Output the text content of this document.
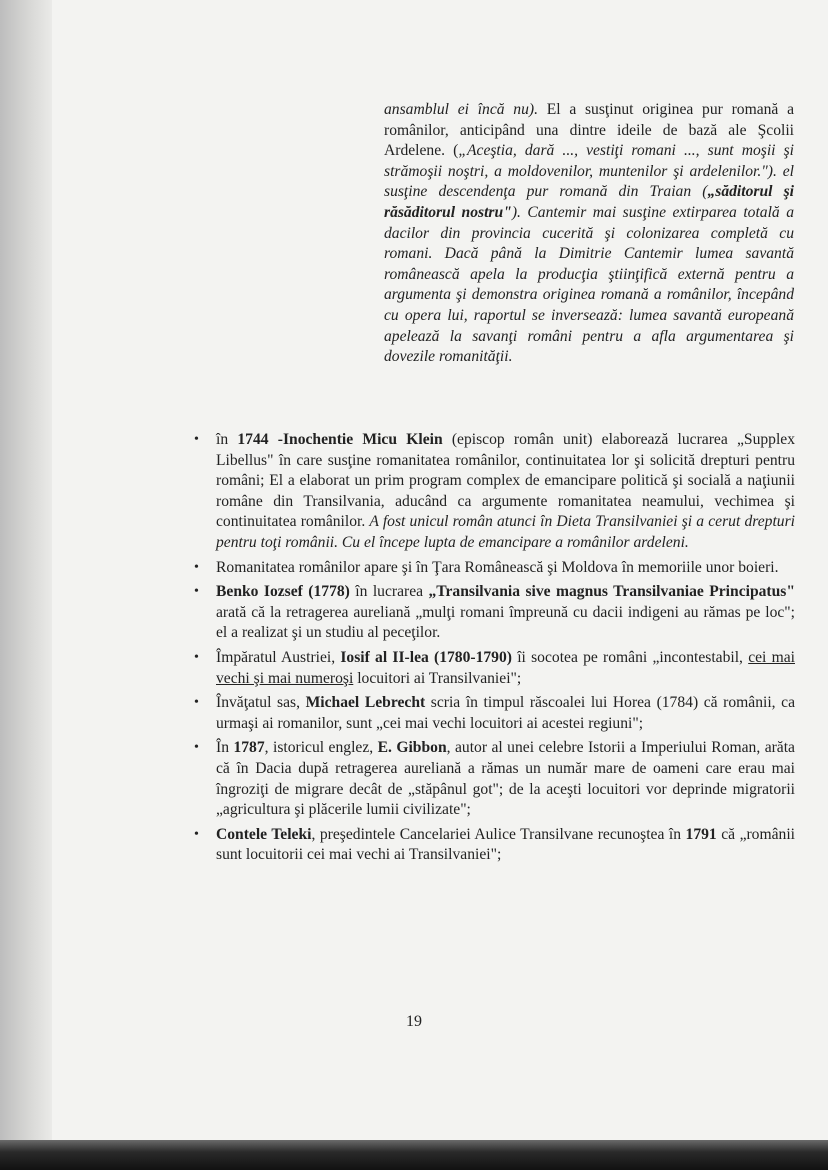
ansamblul ei încă nu). El a susţinut originea pur romană a românilor, anticipând una dintre ideile de bază ale Şcolii Ardelene. („Aceştia, dară ..., vestiţi romani ..., sunt moşii şi strămoşii noştri, a moldovenilor, muntenilor şi ardelenilor."). el susţine descendenţa pur romană din Traian („săditorul şi răsăditorul nostru"). Cantemir mai susţine extirparea totală a dacilor din provincia cucerită şi colonizarea completă cu romani. Dacă până la Dimitrie Cantemir lumea savantă românească apela la producţia ştiinţifică externă pentru a argumenta şi demonstra originea romană a românilor, începând cu opera lui, raportul se inversează: lumea savantă europeană apelează la savanţi români pentru a afla argumentarea şi dovezile romanităţii.

• în 1744 -Inochentie Micu Klein (episcop român unit) elaborează lucrarea „Supplex Libellus" în care susţine romanitatea românilor, continuitatea lor şi solicită drepturi pentru români; El a elaborat un prim program complex de emancipare politică şi socială a naţiunii române din Transilvania, aducând ca argumente romanitatea neamului, vechimea şi continuitatea românilor. A fost unicul român atunci în Dieta Transilvaniei şi a cerut drepturi pentru toţi românii. Cu el începe lupta de emancipare a românilor ardeleni.
• Romanitatea românilor apare şi în Ţara Românească şi Moldova în memoriile unor boieri.
• Benko Iozsef (1778) în lucrarea „Transilvania sive magnus Transilvaniae Principatus" arată că la retragerea aureliană „mulţi romani împreună cu dacii indigeni au rămas pe loc"; el a realizat şi un studiu al peceţilor.
• Împăratul Austriei, Iosif al II-lea (1780-1790) îi socotea pe români „incontestabil, cei mai vechi şi mai numeroşi locuitori ai Transilvaniei";
• Învăţatul sas, Michael Lebrecht scria în timpul răscoalei lui Horea (1784) că românii, ca urmaşi ai romanilor, sunt „cei mai vechi locuitori ai acestei regiuni";
• În 1787, istoricul englez, E. Gibbon, autor al unei celebre Istorii a Imperiului Roman, arăta că în Dacia după retragerea aureliană a rămas un număr mare de oameni care erau mai îngroziţi de migrare decât de „stăpânul got"; de la aceşti locuitori vor deprinde migratorii „agricultura şi plăcerile lumii civilizate";
• Contele Teleki, preşedintele Cancelariei Aulice Transilvane recunoştea în 1791 că „românii sunt locuitorii cei mai vechi ai Transilvaniei";
19
